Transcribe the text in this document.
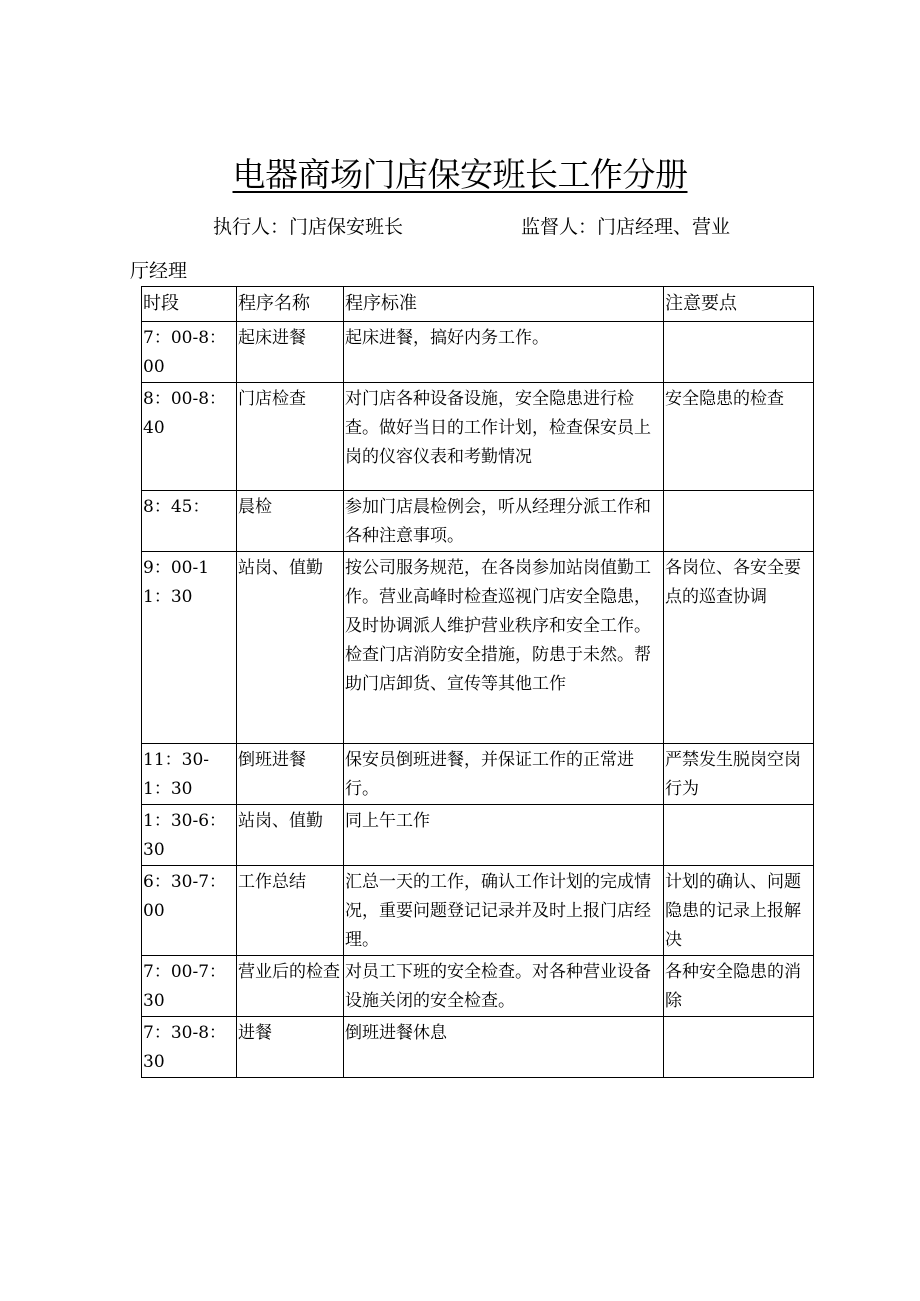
电器商场门店保安班长工作分册
执行人：门店保安班长	监督人：门店经理、营业
厅经理
时段	程序名称	程序标准	注意要点
7：00-8：00	起床进餐	起床进餐，搞好内务工作。	
8：00-8：40	门店检查	对门店各种设备设施，安全隐患进行检查。做好当日的工作计划，检查保安员上岗的仪容仪表和考勤情况	安全隐患的检查
8：45：	晨检	参加门店晨检例会，听从经理分派工作和各种注意事项。	
9：00-11：30	站岗、值勤	按公司服务规范，在各岗参加站岗值勤工作。营业高峰时检查巡视门店安全隐患，及时协调派人维护营业秩序和安全工作。检查门店消防安全措施，防患于未然。帮助门店卸货、宣传等其他工作	各岗位、各安全要点的巡查协调
11：30-1：30	倒班进餐	保安员倒班进餐，并保证工作的正常进行。	严禁发生脱岗空岗行为
1：30-6：30	站岗、值勤	同上午工作	
6：30-7：00	工作总结	汇总一天的工作，确认工作计划的完成情况，重要问题登记记录并及时上报门店经理。	计划的确认、问题隐患的记录上报解决
7：00-7：30	营业后的检查	对员工下班的安全检查。对各种营业设备设施关闭的安全检查。	各种安全隐患的消除
7：30-8：30	进餐	倒班进餐休息	
